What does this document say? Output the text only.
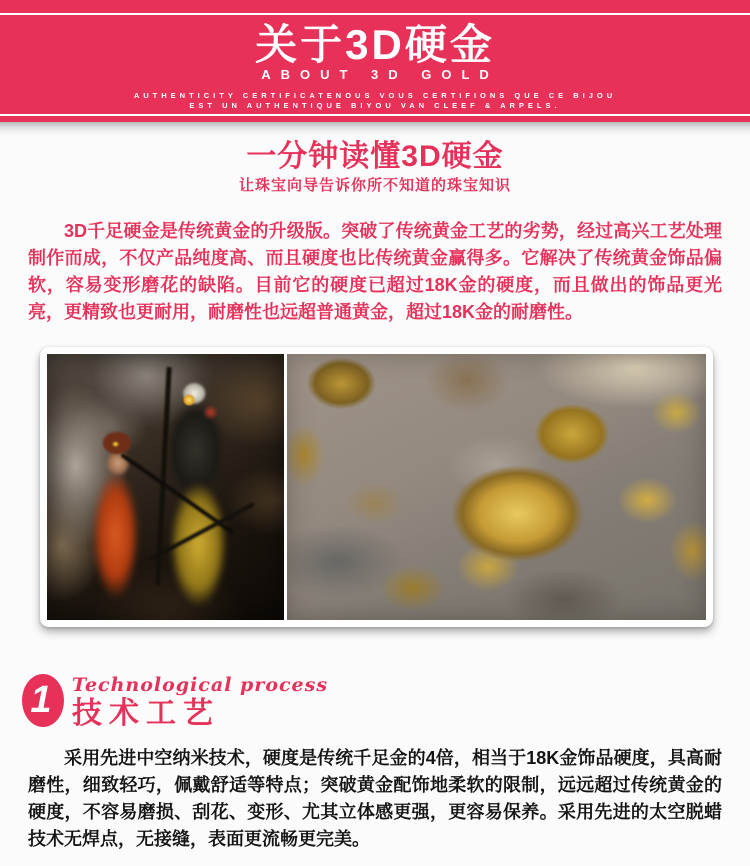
关于3D硬金
ABOUT 3D GOLD
AUTHENTICITY CERTIFICATENOUS VOUS CERTIFIONS QUE CE BIJOU
EST UN AUTHENTIQUE BIYOU VAN CLEEF & ARPELS.
一分钟读懂3D硬金
让珠宝向导告诉你所不知道的珠宝知识

3D千足硬金是传统黄金的升级版。突破了传统黄金工艺的劣势，经过高兴工艺处理制作而成，不仅产品纯度高、而且硬度也比传统黄金赢得多。它解决了传统黄金饰品偏软，容易变形磨花的缺陷。目前它的硬度已超过18K金的硬度，而且做出的饰品更光亮，更精致也更耐用，耐磨性也远超普通黄金，超过18K金的耐磨性。

1 Technological process
技术工艺

采用先进中空纳米技术，硬度是传统千足金的4倍，相当于18K金饰品硬度，具高耐磨性，细致轻巧，佩戴舒适等特点；突破黄金配饰地柔软的限制，远远超过传统黄金的硬度，不容易磨损、刮花、变形、尤其立体感更强，更容易保养。采用先进的太空脱蜡技术无焊点，无接缝，表面更流畅更完美。
